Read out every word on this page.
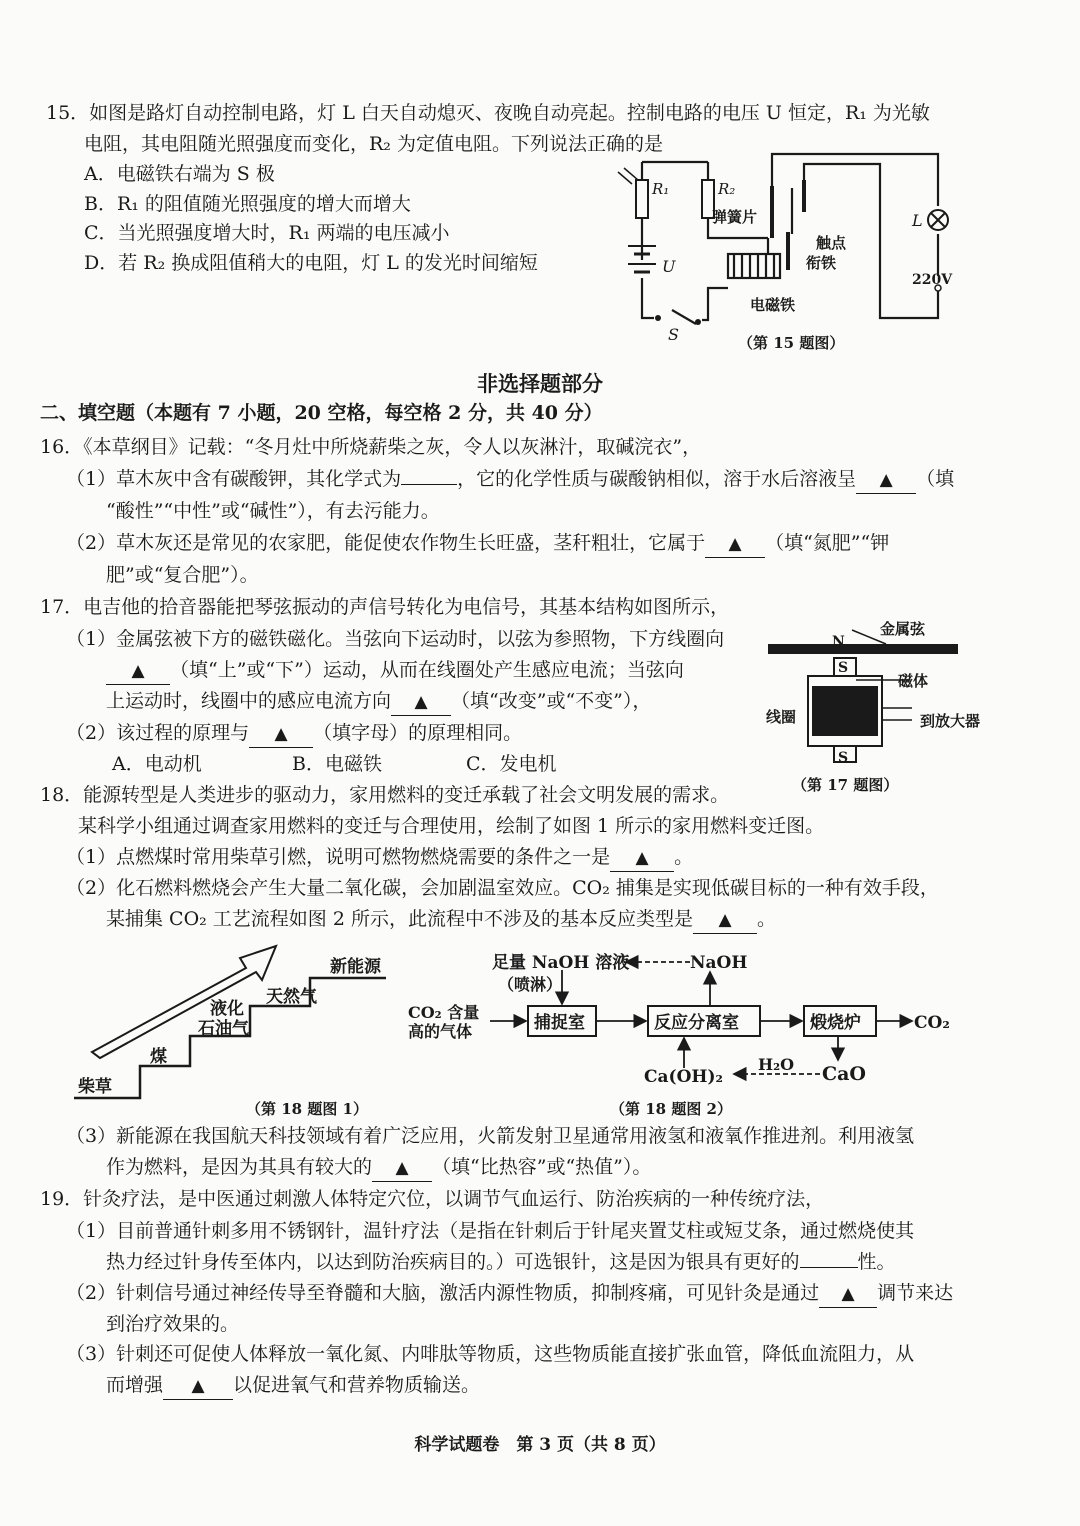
15．如图是路灯自动控制电路，灯 L 白天自动熄灭、夜晚自动亮起。控制电路的电压 U 恒定，R₁ 为光敏
电阻，其电阻随光照强度而变化，R₂ 为定值电阻。下列说法正确的是
A．电磁铁右端为 S 极
B．R₁ 的阻值随光照强度的增大而增大
C．当光照强度增大时，R₁ 两端的电压减小
D．若 R₂ 换成阻值稍大的电阻，灯 L 的发光时间缩短
R₁	R₂
弹簧片
触点
衔铁
U
S
电磁铁
L
220V
（第 15 题图）
非选择题部分
二、填空题（本题有 7 小题，20 空格，每空格 2 分，共 40 分）
16．《本草纲目》记载：“冬月灶中所烧薪柴之灰，令人以灰淋汁，取碱浣衣”，
（1）草木灰中含有碳酸钾，其化学式为	，它的化学性质与碳酸钠相似，溶于水后溶液呈 ▲ （填
“酸性”“中性”或“碱性”），有去污能力。
（2）草木灰还是常见的农家肥，能促使农作物生长旺盛，茎秆粗壮，它属于 ▲ （填“氮肥”“钾
肥”或“复合肥”）。
17．电吉他的拾音器能把琴弦振动的声信号转化为电信号，其基本结构如图所示，
（1）金属弦被下方的磁铁磁化。当弦向下运动时，以弦为参照物，下方线圈向
▲ （填“上”或“下”）运动，从而在线圈处产生感应电流；当弦向
上运动时，线圈中的感应电流方向 ▲ （填“改变”或“不变”），
（2）该过程的原理与 ▲ （填字母）的原理相同。
A．电动机	B．电磁铁	C．发电机
金属弦
N
S
磁体
线圈	到放大器
S
（第 17 题图）
18．能源转型是人类进步的驱动力，家用燃料的变迁承载了社会文明发展的需求。
某科学小组通过调查家用燃料的变迁与合理使用，绘制了如图 1 所示的家用燃料变迁图。
（1）点燃煤时常用柴草引燃，说明可燃物燃烧需要的条件之一是 ▲ 。
（2）化石燃料燃烧会产生大量二氧化碳，会加剧温室效应。CO₂ 捕集是实现低碳目标的一种有效手段，
某捕集 CO₂ 工艺流程如图 2 所示，此流程中不涉及的基本反应类型是 ▲ 。
柴草
煤
液化
石油气
天然气
新能源
（第 18 题图 1）
足量 NaOH 溶液
（喷淋）
NaOH
CO₂ 含量
高的气体	捕捉室	反应分离室	煅烧炉	CO₂
Ca(OH)₂
H₂O CaO
（第 18 题图 2）
（3）新能源在我国航天科技领域有着广泛应用，火箭发射卫星通常用液氢和液氧作推进剂。利用液氢
作为燃料，是因为其具有较大的 ▲ （填“比热容”或“热值”）。
19．针灸疗法，是中医通过刺激人体特定穴位，以调节气血运行、防治疾病的一种传统疗法，
（1）目前普通针刺多用不锈钢针，温针疗法（是指在针刺后于针尾夹置艾柱或短艾条，通过燃烧使其
热力经过针身传至体内，以达到防治疾病目的。）可选银针，这是因为银具有更好的	性。
（2）针刺信号通过神经传导至脊髓和大脑，激活内源性物质，抑制疼痛，可见针灸是通过 ▲ 调节来达
到治疗效果的。
（3）针刺还可促使人体释放一氧化氮、内啡肽等物质，这些物质能直接扩张血管，降低血流阻力，从
而增强 ▲ 以促进氧气和营养物质输送。
科学试题卷　第 3 页（共 8 页）
